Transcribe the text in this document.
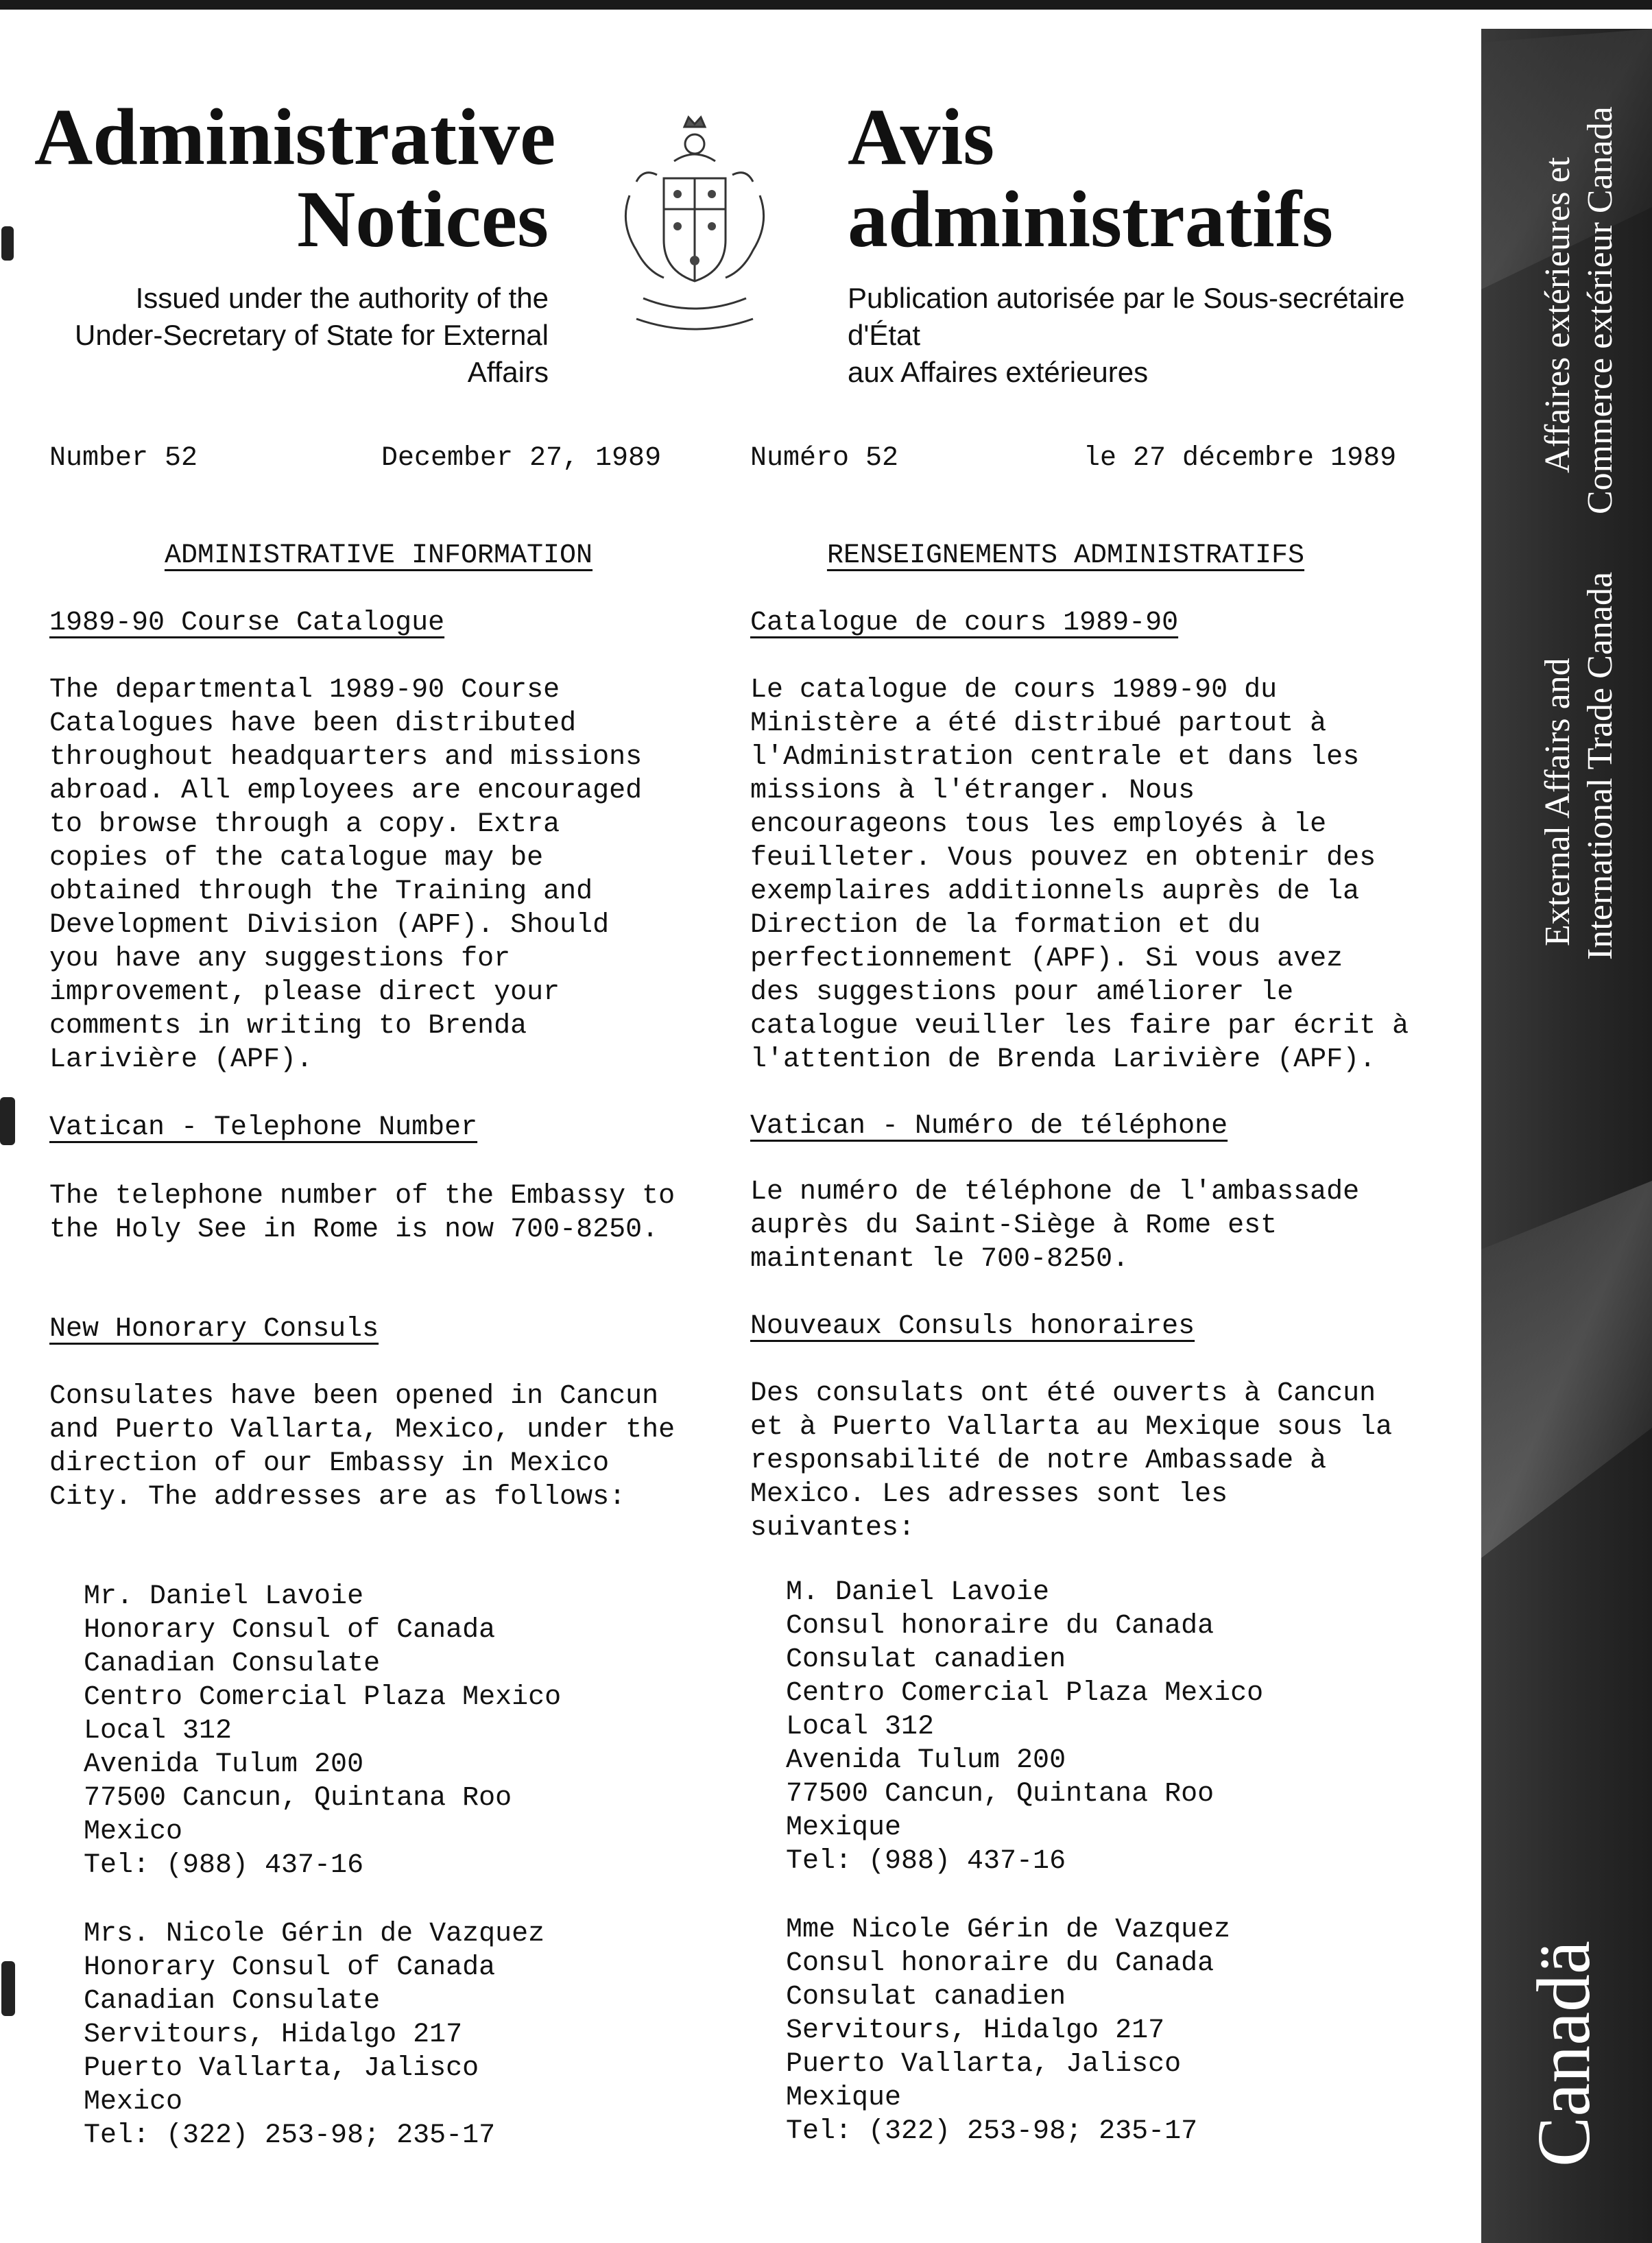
Administrative
Notices
Issued under the authority of the
Under-Secretary of State for External Affairs
Avis
administratifs
Publication autorisée par le Sous-secrétaire d'État
aux Affaires extérieures
Number 52	December 27, 1989	Numéro 52	le 27 décembre 1989
ADMINISTRATIVE INFORMATION	RENSEIGNEMENTS ADMINISTRATIFS
1989-90 Course Catalogue

The departmental 1989-90 Course
Catalogues have been distributed
throughout headquarters and missions
abroad. All employees are encouraged
to browse through a copy. Extra
copies of the catalogue may be
obtained through the Training and
Development Division (APF). Should
you have any suggestions for
improvement, please direct your
comments in writing to Brenda
Larivière (APF).

Vatican - Telephone Number

The telephone number of the Embassy to
the Holy See in Rome is now 700-8250.

New Honorary Consuls

Consulates have been opened in Cancun
and Puerto Vallarta, Mexico, under the
direction of our Embassy in Mexico
City. The addresses are as follows:

Mr. Daniel Lavoie
Honorary Consul of Canada
Canadian Consulate
Centro Comercial Plaza Mexico
Local 312
Avenida Tulum 200
77500 Cancun, Quintana Roo
Mexico
Tel: (988) 437-16

Mrs. Nicole Gérin de Vazquez
Honorary Consul of Canada
Canadian Consulate
Servitours, Hidalgo 217
Puerto Vallarta, Jalisco
Mexico
Tel: (322) 253-98; 235-17

Catalogue de cours 1989-90

Le catalogue de cours 1989-90 du
Ministère a été distribué partout à
l'Administration centrale et dans les
missions à l'étranger. Nous
encourageons tous les employés à le
feuilleter. Vous pouvez en obtenir des
exemplaires additionnels auprès de la
Direction de la formation et du
perfectionnement (APF). Si vous avez
des suggestions pour améliorer le
catalogue veuiller les faire par écrit à
l'attention de Brenda Larivière (APF).

Vatican - Numéro de téléphone

Le numéro de téléphone de l'ambassade
auprès du Saint-Siège à Rome est
maintenant le 700-8250.

Nouveaux Consuls honoraires

Des consulats ont été ouverts à Cancun
et à Puerto Vallarta au Mexique sous la
responsabilité de notre Ambassade à
Mexico. Les adresses sont les
suivantes:

M. Daniel Lavoie
Consul honoraire du Canada
Consulat canadien
Centro Comercial Plaza Mexico
Local 312
Avenida Tulum 200
77500 Cancun, Quintana Roo
Mexique
Tel: (988) 437-16

Mme Nicole Gérin de Vazquez
Consul honoraire du Canada
Consulat canadien
Servitours, Hidalgo 217
Puerto Vallarta, Jalisco
Mexique
Tel: (322) 253-98; 235-17

Affaires extérieures et Commerce extérieur Canada
External Affairs and International Trade Canada
Canadä
